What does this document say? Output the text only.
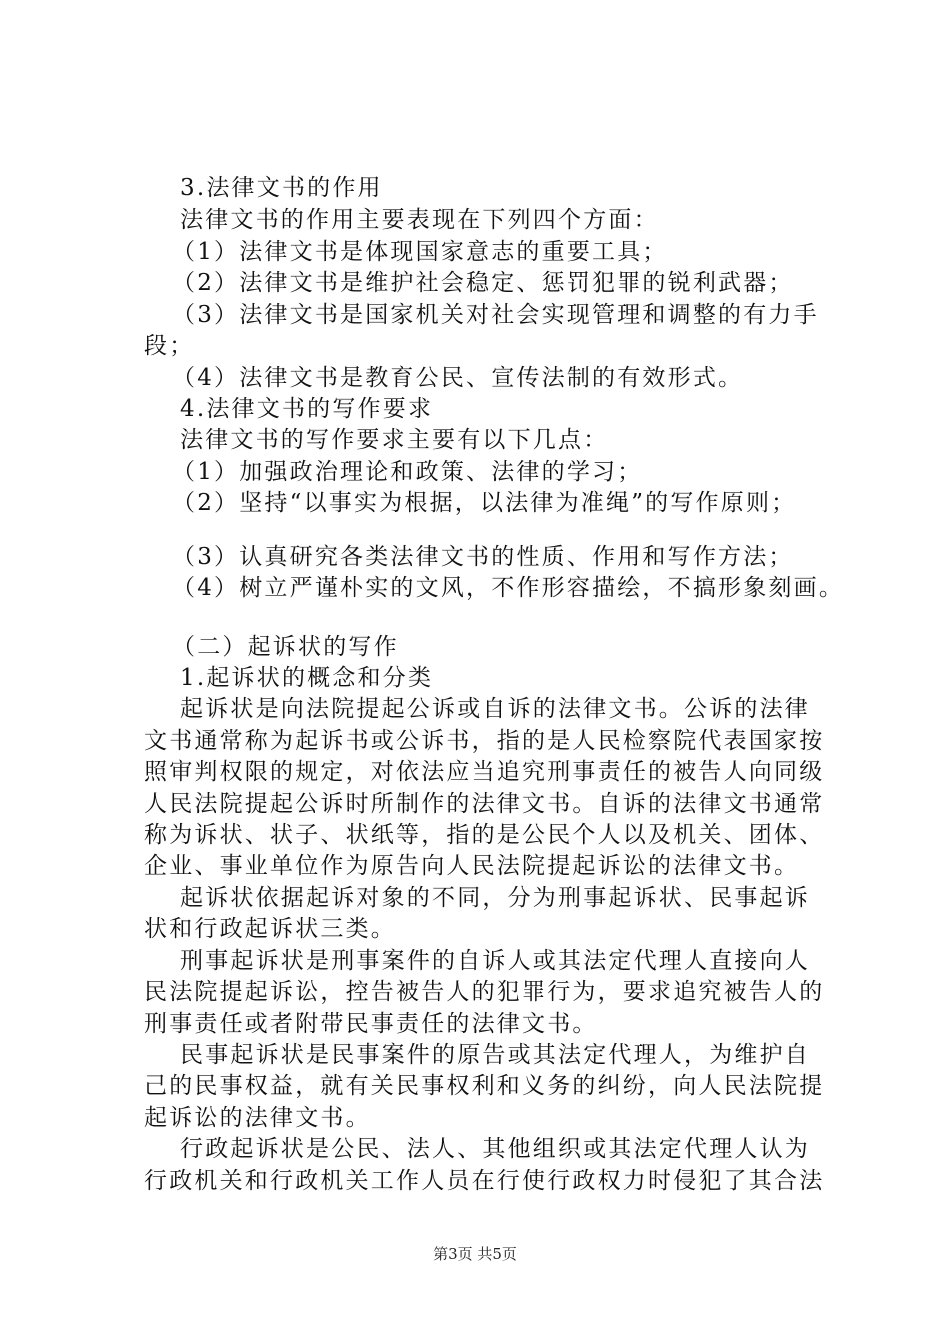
3.法律文书的作用
法律文书的作用主要表现在下列四个方面：
（1）法律文书是体现国家意志的重要工具；
（2）法律文书是维护社会稳定、惩罚犯罪的锐利武器；
（3）法律文书是国家机关对社会实现管理和调整的有力手
段；
（4）法律文书是教育公民、宣传法制的有效形式。
4.法律文书的写作要求
法律文书的写作要求主要有以下几点：
（1）加强政治理论和政策、法律的学习；
（2）坚持“以事实为根据，以法律为准绳”的写作原则；
（3）认真研究各类法律文书的性质、作用和写作方法；
（4）树立严谨朴实的文风，不作形容描绘，不搞形象刻画。
（二）起诉状的写作
1.起诉状的概念和分类
起诉状是向法院提起公诉或自诉的法律文书。公诉的法律
文书通常称为起诉书或公诉书，指的是人民检察院代表国家按
照审判权限的规定，对依法应当追究刑事责任的被告人向同级
人民法院提起公诉时所制作的法律文书。自诉的法律文书通常
称为诉状、状子、状纸等，指的是公民个人以及机关、团体、
企业、事业单位作为原告向人民法院提起诉讼的法律文书。
起诉状依据起诉对象的不同，分为刑事起诉状、民事起诉
状和行政起诉状三类。
刑事起诉状是刑事案件的自诉人或其法定代理人直接向人
民法院提起诉讼，控告被告人的犯罪行为，要求追究被告人的
刑事责任或者附带民事责任的法律文书。
民事起诉状是民事案件的原告或其法定代理人，为维护自
己的民事权益，就有关民事权利和义务的纠纷，向人民法院提
起诉讼的法律文书。
行政起诉状是公民、法人、其他组织或其法定代理人认为
行政机关和行政机关工作人员在行使行政权力时侵犯了其合法
第3页 共5页
